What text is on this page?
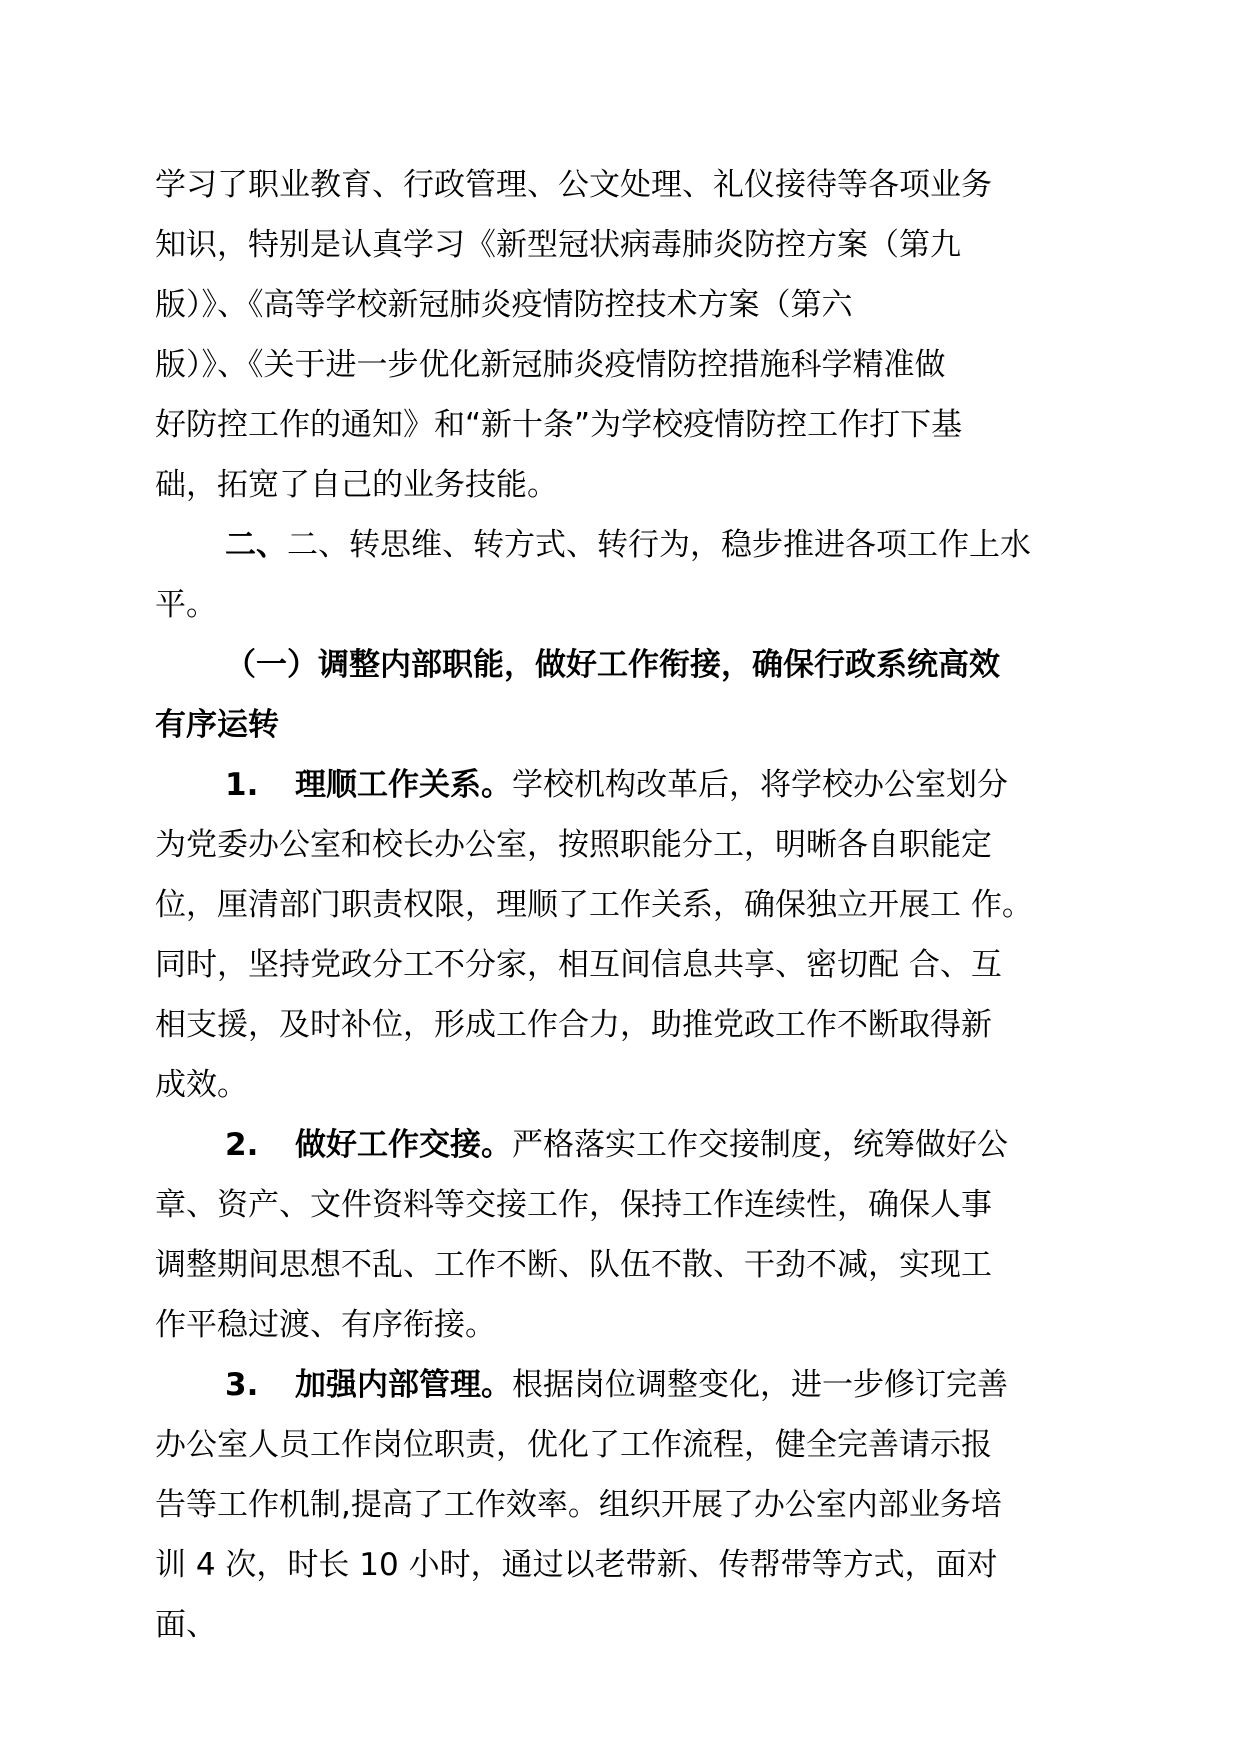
学习了职业教育、行政管理、公文处理、礼仪接待等各项业务
知识，特别是认真学习《新型冠状病毒肺炎防控方案（第九
版）》、《高等学校新冠肺炎疫情防控技术方案（第六
版）》、《关于进一步优化新冠肺炎疫情防控措施科学精准做
好防控工作的通知》和“新十条”为学校疫情防控工作打下基
础，拓宽了自己的业务技能。
二、二、转思维、转方式、转行为，稳步推进各项工作上水
平。
（一）调整内部职能，做好工作衔接，确保行政系统高效
有序运转
1. 理顺工作关系。学校机构改革后，将学校办公室划分
为党委办公室和校长办公室，按照职能分工，明晰各自职能定
位，厘清部门职责权限，理顺了工作关系，确保独立开展工 作。
同时，坚持党政分工不分家，相互间信息共享、密切配 合、互
相支援，及时补位，形成工作合力，助推党政工作不断取得新
成效。
2. 做好工作交接。严格落实工作交接制度，统筹做好公
章、资产、文件资料等交接工作，保持工作连续性，确保人事
调整期间思想不乱、工作不断、队伍不散、干劲不减，实现工
作平稳过渡、有序衔接。
3. 加强内部管理。根据岗位调整变化，进一步修订完善
办公室人员工作岗位职责，优化了工作流程，健全完善请示报
告等工作机制,提高了工作效率。组织开展了办公室内部业务培
训 4 次，时长 10 小时，通过以老带新、传帮带等方式，面对
面、
